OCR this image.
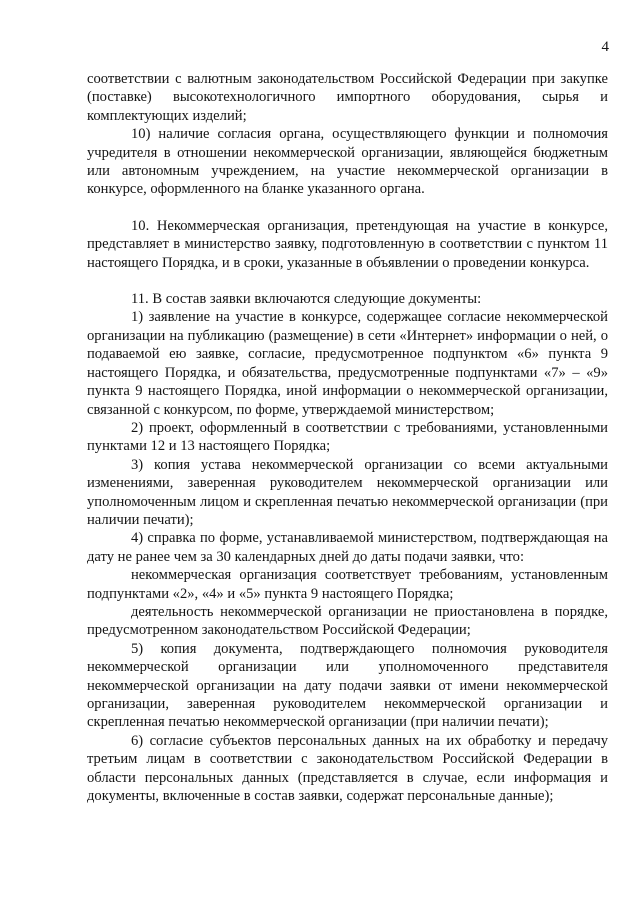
4

соответствии с валютным законодательством Российской Федерации при закупке (поставке) высокотехнологичного импортного оборудования, сырья и комплектующих изделий;

10) наличие согласия органа, осуществляющего функции и полномочия учредителя в отношении некоммерческой организации, являющейся бюджетным или автономным учреждением, на участие некоммерческой организации в конкурсе, оформленного на бланке указанного органа.

10. Некоммерческая организация, претендующая на участие в конкурсе, представляет в министерство заявку, подготовленную в соответствии с пунктом 11 настоящего Порядка, и в сроки, указанные в объявлении о проведении конкурса.

11. В состав заявки включаются следующие документы:

1) заявление на участие в конкурсе, содержащее согласие некоммерческой организации на публикацию (размещение) в сети «Интернет» информации о ней, о подаваемой ею заявке, согласие, предусмотренное подпунктом «6» пункта 9 настоящего Порядка, и обязательства, предусмотренные подпунктами «7» – «9» пункта 9 настоящего Порядка, иной информации о некоммерческой организации, связанной с конкурсом, по форме, утверждаемой министерством;

2) проект, оформленный в соответствии с требованиями, установленными пунктами 12 и 13 настоящего Порядка;

3) копия устава некоммерческой организации со всеми актуальными изменениями, заверенная руководителем некоммерческой организации или уполномоченным лицом и скрепленная печатью некоммерческой организации (при наличии печати);

4) справка по форме, устанавливаемой министерством, подтверждающая на дату не ранее чем за 30 календарных дней до даты подачи заявки, что:

некоммерческая организация соответствует требованиям, установленным подпунктами «2», «4» и «5» пункта 9 настоящего Порядка;

деятельность некоммерческой организации не приостановлена в порядке, предусмотренном законодательством Российской Федерации;

5) копия документа, подтверждающего полномочия руководителя некоммерческой организации или уполномоченного представителя некоммерческой организации на дату подачи заявки от имени некоммерческой организации, заверенная руководителем некоммерческой организации и скрепленная печатью некоммерческой организации (при наличии печати);

6) согласие субъектов персональных данных на их обработку и передачу третьим лицам в соответствии с законодательством Российской Федерации в области персональных данных (представляется в случае, если информация и документы, включенные в состав заявки, содержат персональные данные);
